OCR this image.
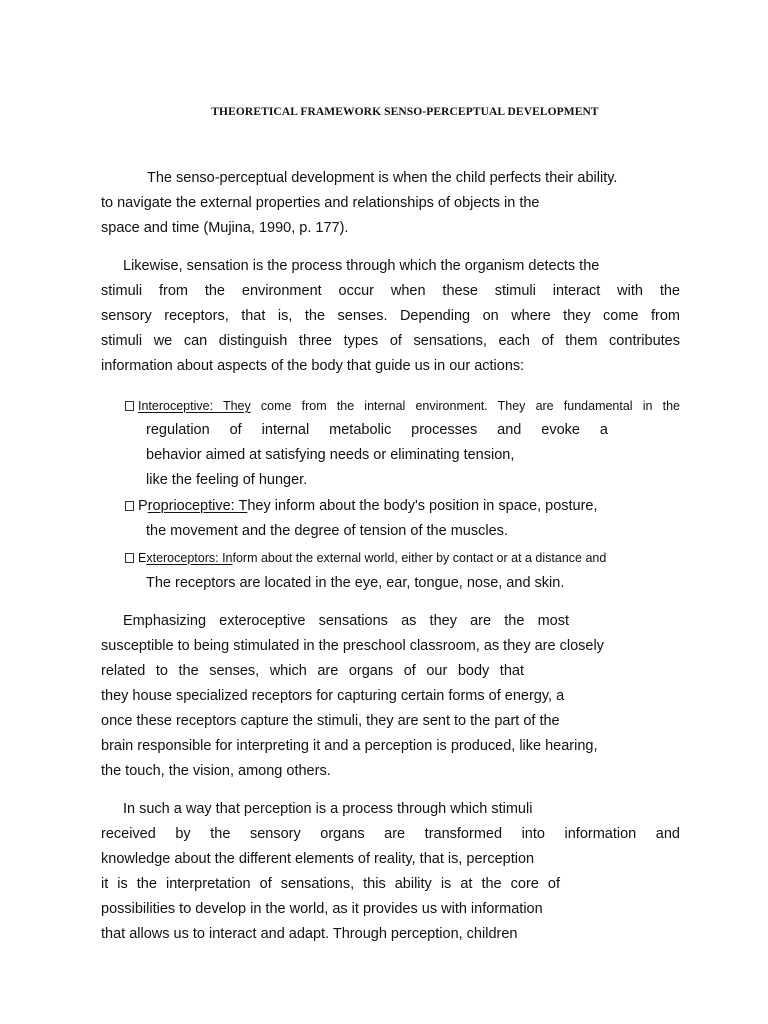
THEORETICAL FRAMEWORK SENSO-PERCEPTUAL DEVELOPMENT
The senso-perceptual development is when the child perfects their ability.
to navigate the external properties and relationships of objects in the
space and time (Mujina, 1990, p. 177).
Likewise, sensation is the process through which the organism detects the
stimuli from the environment occur when these stimuli interact with the
sensory receptors, that is, the senses. Depending on where they come from
stimuli we can distinguish three types of sensations, each of them contributes
information about aspects of the body that guide us in our actions:
Interoceptive: They come from the internal environment. They are fundamental in the
regulation of internal metabolic processes and evoke a
behavior aimed at satisfying needs or eliminating tension,
like the feeling of hunger.
Proprioceptive: They inform about the body's position in space, posture,
the movement and the degree of tension of the muscles.
Exteroceptors: Inform about the external world, either by contact or at a distance and
The receptors are located in the eye, ear, tongue, nose, and skin.
Emphasizing exteroceptive sensations as they are the most
susceptible to being stimulated in the preschool classroom, as they are closely
related to the senses, which are organs of our body that
they house specialized receptors for capturing certain forms of energy, a
once these receptors capture the stimuli, they are sent to the part of the
brain responsible for interpreting it and a perception is produced, like hearing,
the touch, the vision, among others.
In such a way that perception is a process through which stimuli
received by the sensory organs are transformed into information and
knowledge about the different elements of reality, that is, perception
it is the interpretation of sensations, this ability is at the core of
possibilities to develop in the world, as it provides us with information
that allows us to interact and adapt. Through perception, children
